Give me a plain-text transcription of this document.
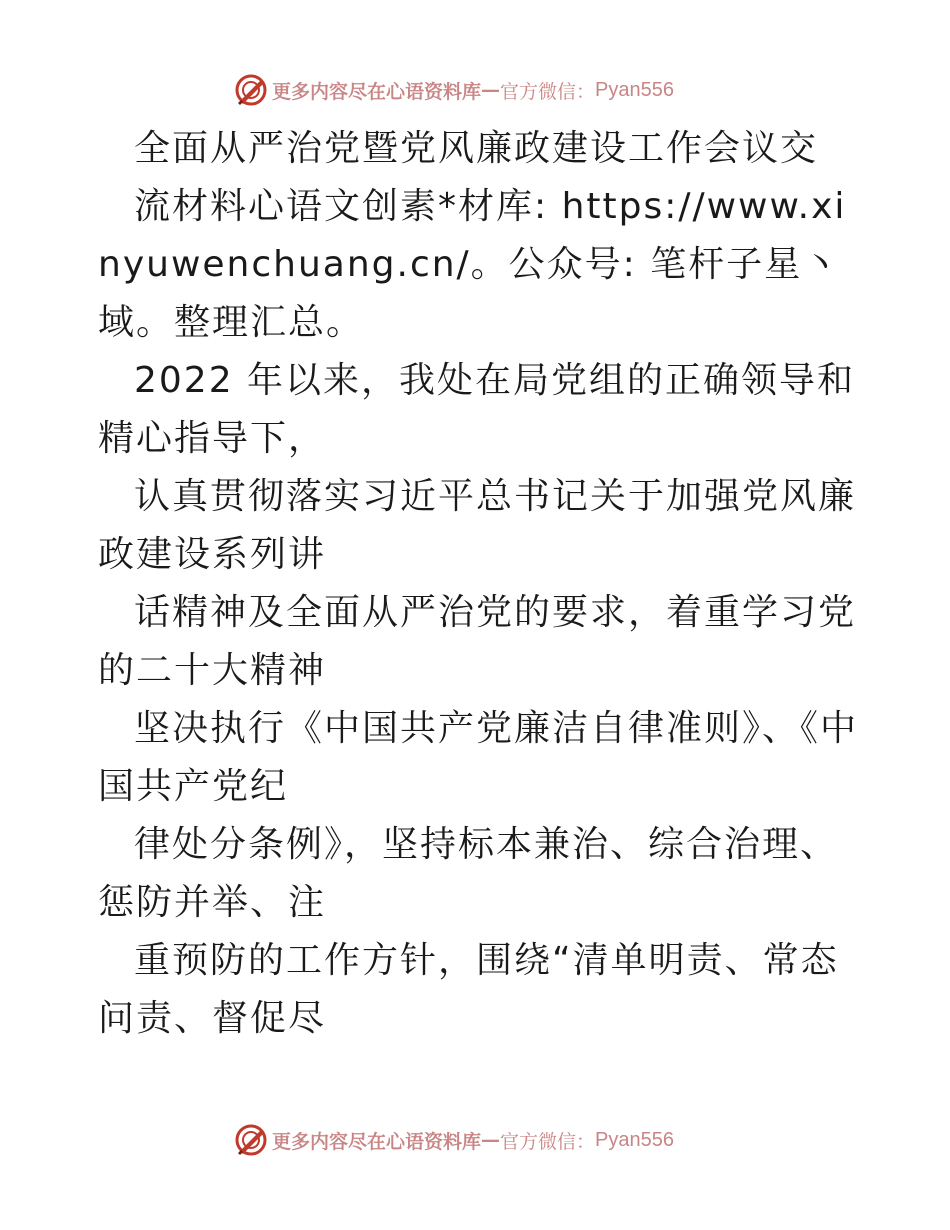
更多内容尽在心语资料库 — 官方微信： Pyan556

全面从严治党暨党风廉政建设工作会议交

流材料心语文创素*材库: https://www.xinyuwenchuang.cn/。公众号: 笔杆子星丶域。整理汇总。

2022 年以来，我处在局党组的正确领导和精心指导下，

认真贯彻落实习近平总书记关于加强党风廉政建设系列讲

话精神及全面从严治党的要求，着重学习党的二十大精神

坚决执行《中国共产党廉洁自律准则》、《中国共产党纪

律处分条例》，坚持标本兼治、综合治理、惩防并举、注

重预防的工作方针，围绕“清单明责、常态问责、督促尽

更多内容尽在心语资料库 — 官方微信： Pyan556
